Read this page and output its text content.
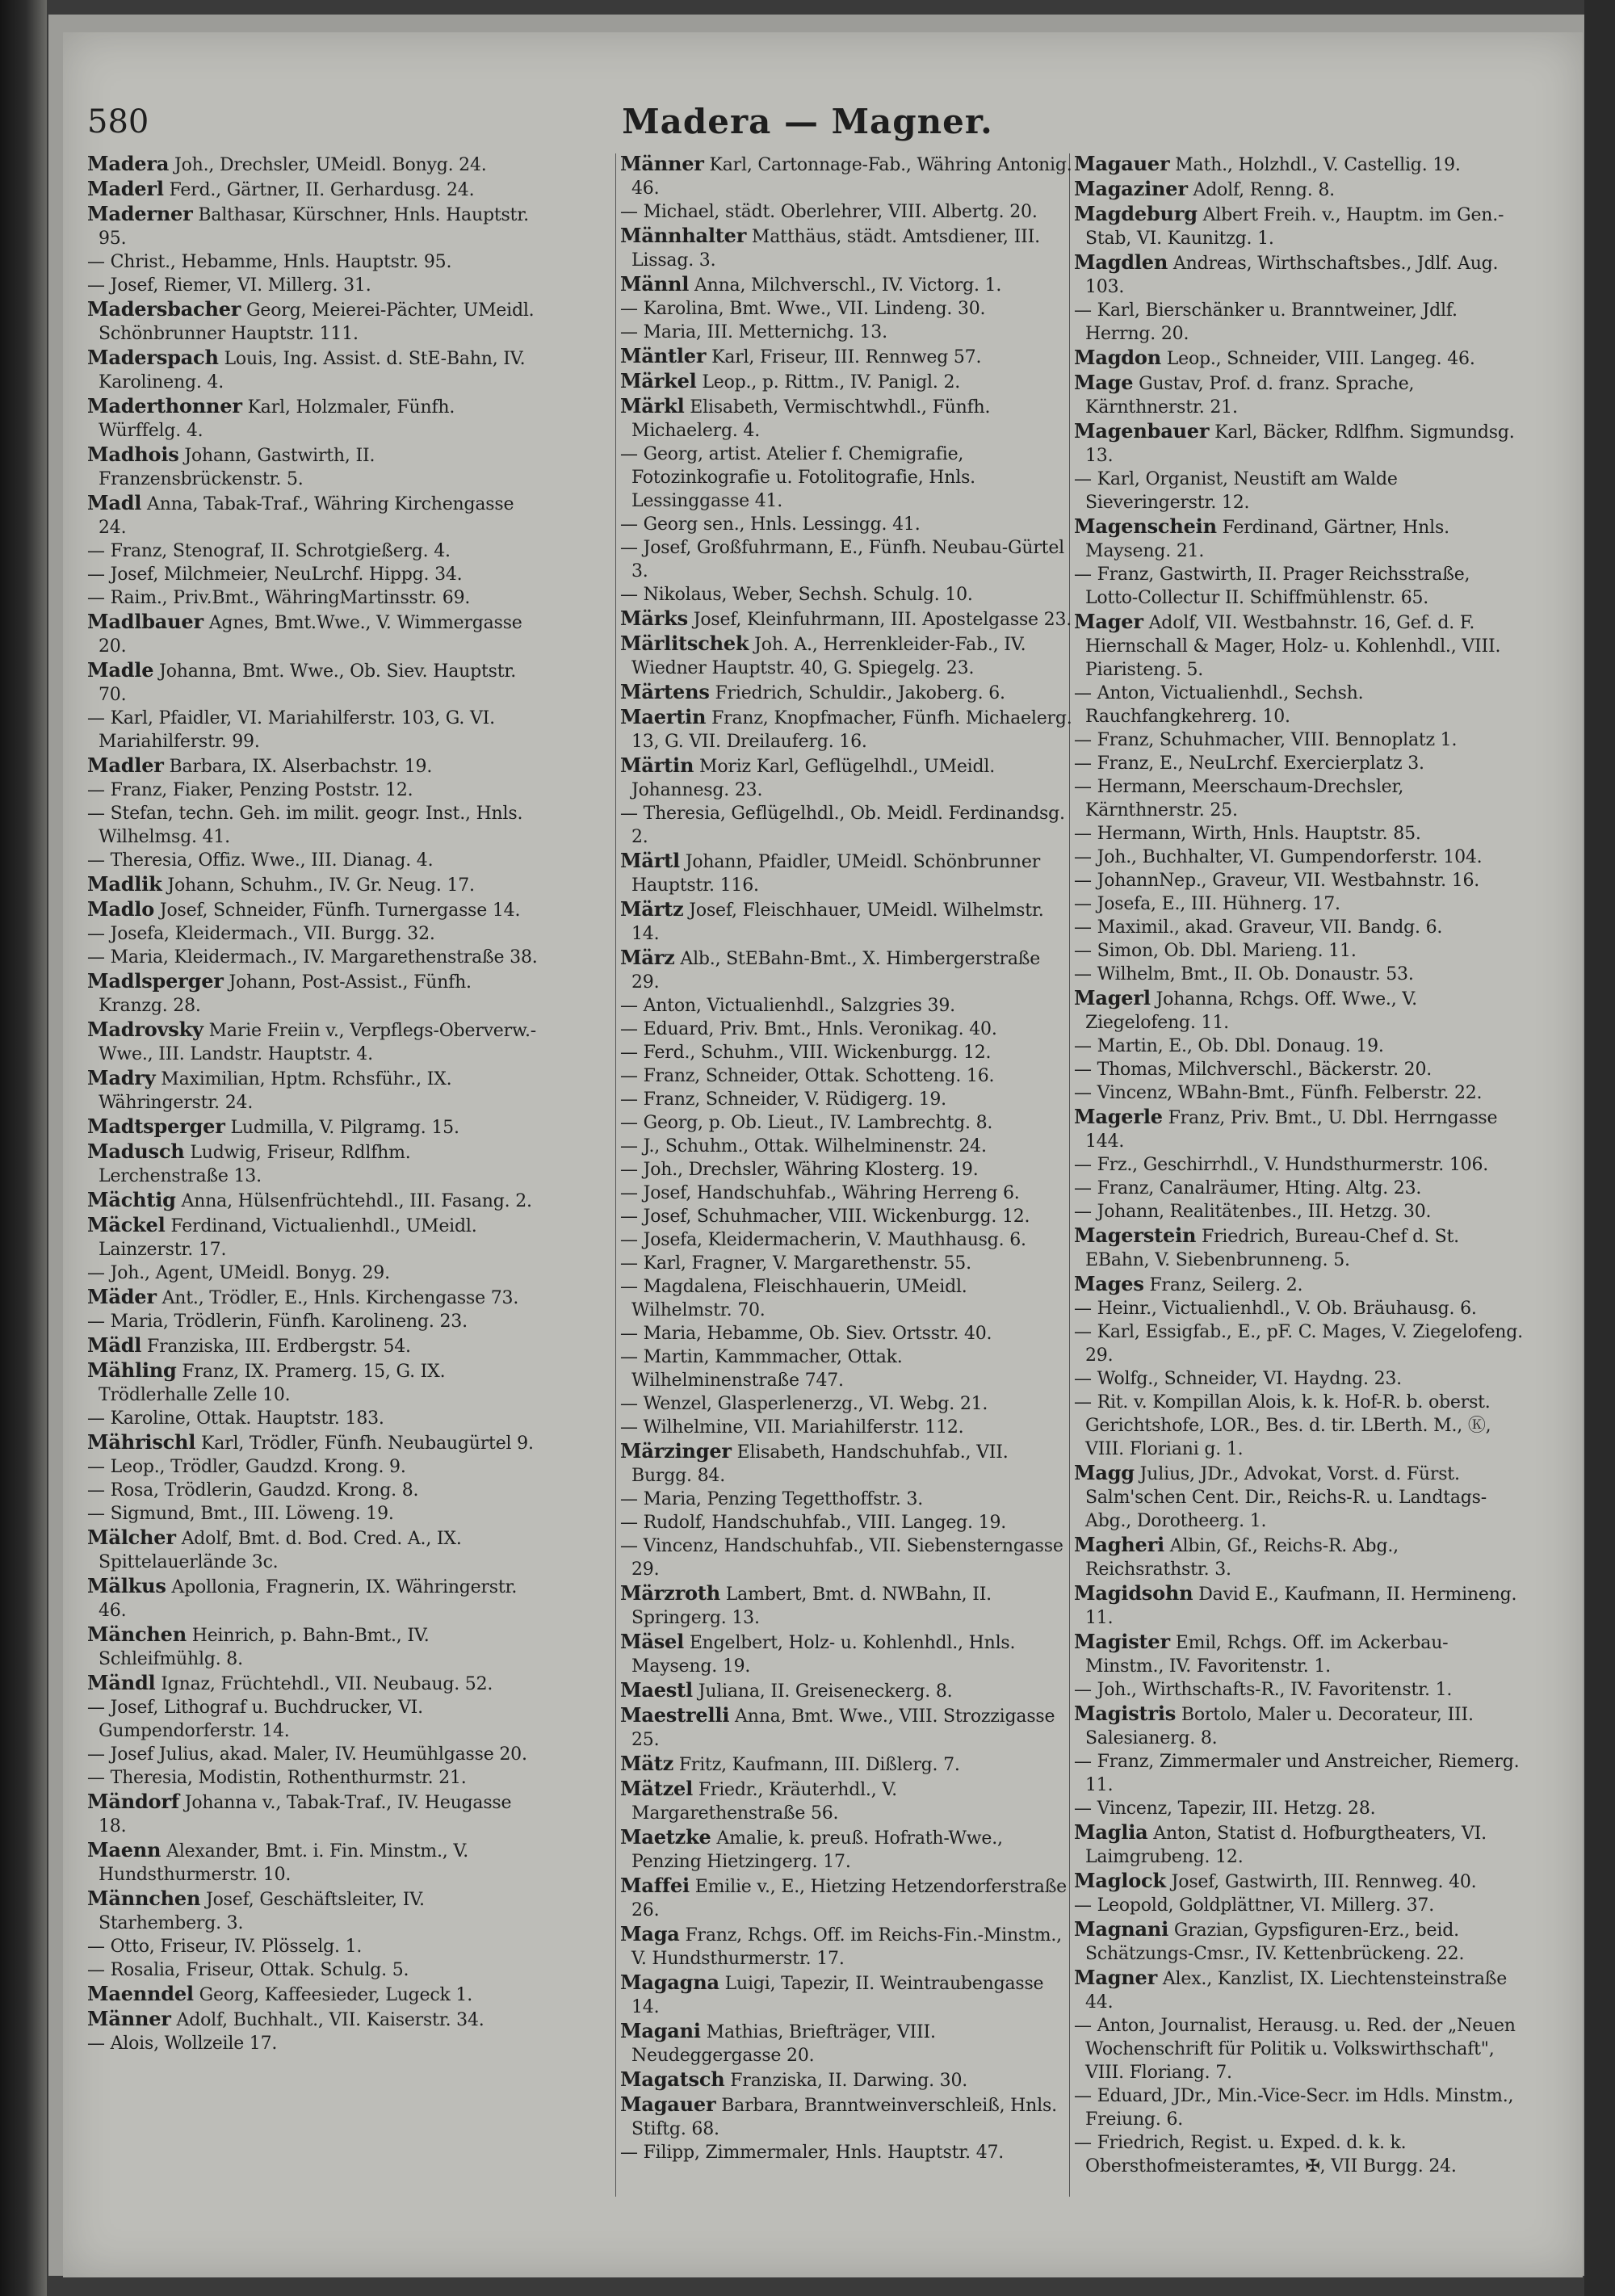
580	Madera — Magner.

Madera Joh., Drechsler, UMeidl. Bonyg. 24.

Maderl Ferd., Gärtner, II. Gerhardusg. 24.

Maderner Balthasar, Kürschner, Hnls. Hauptstr. 95.

— Christ., Hebamme, Hnls. Hauptstr. 95.

— Josef, Riemer, VI. Millerg. 31.

Madersbacher Georg, Meierei-Pächter, UMeidl. Schönbrunner Hauptstr. 111.

Maderspach Louis, Ing. Assist. d. StE-Bahn, IV. Karolineng. 4.

Maderthonner Karl, Holzmaler, Fünfh. Würffelg. 4.

Madhois Johann, Gastwirth, II. Franzensbrückenstr. 5.

Madl Anna, Tabak-Traf., Währing Kirchengasse 24.

— Franz, Stenograf, II. Schrotgießerg. 4.

— Josef, Milchmeier, NeuLrchf. Hippg. 34.

— Raim., Priv.Bmt., WähringMartinsstr. 69.

Madlbauer Agnes, Bmt.Wwe., V. Wimmergasse 20.

Madle Johanna, Bmt. Wwe., Ob. Siev. Hauptstr. 70.

— Karl, Pfaidler, VI. Mariahilferstr. 103, G. VI. Mariahilferstr. 99.

Madler Barbara, IX. Alserbachstr. 19.

— Franz, Fiaker, Penzing Poststr. 12.

— Stefan, techn. Geh. im milit. geogr. Inst., Hnls. Wilhelmsg. 41.

— Theresia, Offiz. Wwe., III. Dianag. 4.

Madlik Johann, Schuhm., IV. Gr. Neug. 17.

Madlo Josef, Schneider, Fünfh. Turnergasse 14.

— Josefa, Kleidermach., VII. Burgg. 32.

— Maria, Kleidermach., IV. Margarethenstraße 38.

Madlsperger Johann, Post-Assist., Fünfh. Kranzg. 28.

Madrovsky Marie Freiin v., Verpflegs-Oberverw.-Wwe., III. Landstr. Hauptstr. 4.

Madry Maximilian, Hptm. Rchsführ., IX. Währingerstr. 24.

Madtsperger Ludmilla, V. Pilgramg. 15.

Madusch Ludwig, Friseur, Rdlfhm. Lerchenstraße 13.

Mächtig Anna, Hülsenfrüchtehdl., III. Fasang. 2.

Mäckel Ferdinand, Victualienhdl., UMeidl. Lainzerstr. 17.

— Joh., Agent, UMeidl. Bonyg. 29.

Mäder Ant., Trödler, E., Hnls. Kirchengasse 73.

— Maria, Trödlerin, Fünfh. Karolineng. 23.

Mädl Franziska, III. Erdbergstr. 54.

Mähling Franz, IX. Pramerg. 15, G. IX. Trödlerhalle Zelle 10.

— Karoline, Ottak. Hauptstr. 183.

Mährischl Karl, Trödler, Fünfh. Neubaugürtel 9.

— Leop., Trödler, Gaudzd. Krong. 9.

— Rosa, Trödlerin, Gaudzd. Krong. 8.

— Sigmund, Bmt., III. Löweng. 19.

Mälcher Adolf, Bmt. d. Bod. Cred. A., IX. Spittelauerlände 3c.

Mälkus Apollonia, Fragnerin, IX. Währingerstr. 46.

Mänchen Heinrich, p. Bahn-Bmt., IV. Schleifmühlg. 8.

Mändl Ignaz, Früchtehdl., VII. Neubaug. 52.

— Josef, Lithograf u. Buchdrucker, VI. Gumpendorferstr. 14.

— Josef Julius, akad. Maler, IV. Heumühlgasse 20.

— Theresia, Modistin, Rothenthurmstr. 21.

Mändorf Johanna v., Tabak-Traf., IV. Heugasse 18.

Maenn Alexander, Bmt. i. Fin. Minstm., V. Hundsthurmerstr. 10.

Männchen Josef, Geschäftsleiter, IV. Starhemberg. 3.

— Otto, Friseur, IV. Plösselg. 1.

— Rosalia, Friseur, Ottak. Schulg. 5.

Maenndel Georg, Kaffeesieder, Lugeck 1.

Männer Adolf, Buchhalt., VII. Kaiserstr. 34.

— Alois, Wollzeile 17.

Männer Karl, Cartonnage-Fab., Währing Antonig. 46.

— Michael, städt. Oberlehrer, VIII. Albertg. 20.

Männhalter Matthäus, städt. Amtsdiener, III. Lissag. 3.

Männl Anna, Milchverschl., IV. Victorg. 1.

— Karolina, Bmt. Wwe., VII. Lindeng. 30.

— Maria, III. Metternichg. 13.

Mäntler Karl, Friseur, III. Rennweg 57.

Märkel Leop., p. Rittm., IV. Panigl. 2.

Märkl Elisabeth, Vermischtwhdl., Fünfh. Michaelerg. 4.

— Georg, artist. Atelier f. Chemigrafie, Fotozinkografie u. Fotolitografie, Hnls. Lessinggasse 41.

— Georg sen., Hnls. Lessingg. 41.

— Josef, Großfuhrmann, E., Fünfh. Neubau-Gürtel 3.

— Nikolaus, Weber, Sechsh. Schulg. 10.

Märks Josef, Kleinfuhrmann, III. Apostelgasse 23.

Märlitschek Joh. A., Herrenkleider-Fab., IV. Wiedner Hauptstr. 40, G. Spiegelg. 23.

Märtens Friedrich, Schuldir., Jakoberg. 6.

Maertin Franz, Knopfmacher, Fünfh. Michaelerg. 13, G. VII. Dreilauferg. 16.

Märtin Moriz Karl, Geflügelhdl., UMeidl. Johannesg. 23.

— Theresia, Geflügelhdl., Ob. Meidl. Ferdinandsg. 2.

Märtl Johann, Pfaidler, UMeidl. Schönbrunner Hauptstr. 116.

Märtz Josef, Fleischhauer, UMeidl. Wilhelmstr. 14.

März Alb., StEBahn-Bmt., X. Himbergerstraße 29.

— Anton, Victualienhdl., Salzgries 39.

— Eduard, Priv. Bmt., Hnls. Veronikag. 40.

— Ferd., Schuhm., VIII. Wickenburgg. 12.

— Franz, Schneider, Ottak. Schotteng. 16.

— Franz, Schneider, V. Rüdigerg. 19.

— Georg, p. Ob. Lieut., IV. Lambrechtg. 8.

— J., Schuhm., Ottak. Wilhelminenstr. 24.

— Joh., Drechsler, Währing Klosterg. 19.

— Josef, Handschuhfab., Währing Herreng 6.

— Josef, Schuhmacher, VIII. Wickenburgg. 12.

— Josefa, Kleidermacherin, V. Mauthhausg. 6.

— Karl, Fragner, V. Margarethenstr. 55.

— Magdalena, Fleischhauerin, UMeidl. Wilhelmstr. 70.

— Maria, Hebamme, Ob. Siev. Ortsstr. 40.

— Martin, Kammmacher, Ottak. Wilhelminenstraße 747.

— Wenzel, Glasperlenerzg., VI. Webg. 21.

— Wilhelmine, VII. Mariahilferstr. 112.

Märzinger Elisabeth, Handschuhfab., VII. Burgg. 84.

— Maria, Penzing Tegetthoffstr. 3.

— Rudolf, Handschuhfab., VIII. Langeg. 19.

— Vincenz, Handschuhfab., VII. Siebensterngasse 29.

Märzroth Lambert, Bmt. d. NWBahn, II. Springerg. 13.

Mäsel Engelbert, Holz- u. Kohlenhdl., Hnls. Mayseng. 19.

Maestl Juliana, II. Greiseneckerg. 8.

Maestrelli Anna, Bmt. Wwe., VIII. Strozzigasse 25.

Mätz Fritz, Kaufmann, III. Dißlerg. 7.

Mätzel Friedr., Kräuterhdl., V. Margarethenstraße 56.

Maetzke Amalie, k. preuß. Hofrath-Wwe., Penzing Hietzingerg. 17.

Maffei Emilie v., E., Hietzing Hetzendorferstraße 26.

Maga Franz, Rchgs. Off. im Reichs-Fin.-Minstm., V. Hundsthurmerstr. 17.

Magagna Luigi, Tapezir, II. Weintraubengasse 14.

Magani Mathias, Briefträger, VIII. Neudeggergasse 20.

Magatsch Franziska, II. Darwing. 30.

Magauer Barbara, Branntweinverschleiß, Hnls. Stiftg. 68.

— Filipp, Zimmermaler, Hnls. Hauptstr. 47.

Magauer Math., Holzhdl., V. Castellig. 19.

Magaziner Adolf, Renng. 8.

Magdeburg Albert Freih. v., Hauptm. im Gen.-Stab, VI. Kaunitzg. 1.

Magdlen Andreas, Wirthschaftsbes., Jdlf. Aug. 103.

— Karl, Bierschänker u. Branntweiner, Jdlf. Herrng. 20.

Magdon Leop., Schneider, VIII. Langeg. 46.

Mage Gustav, Prof. d. franz. Sprache, Kärnthnerstr. 21.

Magenbauer Karl, Bäcker, Rdlfhm. Sigmundsg. 13.

— Karl, Organist, Neustift am Walde Sieveringerstr. 12.

Magenschein Ferdinand, Gärtner, Hnls. Mayseng. 21.

— Franz, Gastwirth, II. Prager Reichsstraße, Lotto-Collectur II. Schiffmühlenstr. 65.

Mager Adolf, VII. Westbahnstr. 16, Gef. d. F. Hiernschall & Mager, Holz- u. Kohlenhdl., VIII. Piaristeng. 5.

— Anton, Victualienhdl., Sechsh. Rauchfangkehrerg. 10.

— Franz, Schuhmacher, VIII. Bennoplatz 1.

— Franz, E., NeuLrchf. Exercierplatz 3.

— Hermann, Meerschaum-Drechsler, Kärnthnerstr. 25.

— Hermann, Wirth, Hnls. Hauptstr. 85.

— Joh., Buchhalter, VI. Gumpendorferstr. 104.

— JohannNep., Graveur, VII. Westbahnstr. 16.

— Josefa, E., III. Hühnerg. 17.

— Maximil., akad. Graveur, VII. Bandg. 6.

— Simon, Ob. Dbl. Marieng. 11.

— Wilhelm, Bmt., II. Ob. Donaustr. 53.

Magerl Johanna, Rchgs. Off. Wwe., V. Ziegelofeng. 11.

— Martin, E., Ob. Dbl. Donaug. 19.

— Thomas, Milchverschl., Bäckerstr. 20.

— Vincenz, WBahn-Bmt., Fünfh. Felberstr. 22.

Magerle Franz, Priv. Bmt., U. Dbl. Herrngasse 144.

— Frz., Geschirrhdl., V. Hundsthurmerstr. 106.

— Franz, Canalräumer, Hting. Altg. 23.

— Johann, Realitätenbes., III. Hetzg. 30.

Magerstein Friedrich, Bureau-Chef d. St. EBahn, V. Siebenbrunneng. 5.

Mages Franz, Seilerg. 2.

— Heinr., Victualienhdl., V. Ob. Bräuhausg. 6.

— Karl, Essigfab., E., pF. C. Mages, V. Ziegelofeng. 29.

— Wolfg., Schneider, VI. Haydng. 23.

— Rit. v. Kompillan Alois, k. k. Hof-R. b. oberst. Gerichtshofe, LOR., Bes. d. tir. LBerth. M., Ⓚ, VIII. Floriani g. 1.

Magg Julius, JDr., Advokat, Vorst. d. Fürst. Salm'schen Cent. Dir., Reichs-R. u. Landtags-Abg., Dorotheerg. 1.

Magheri Albin, Gf., Reichs-R. Abg., Reichsrathstr. 3.

Magidsohn David E., Kaufmann, II. Hermineng. 11.

Magister Emil, Rchgs. Off. im Ackerbau-Minstm., IV. Favoritenstr. 1.

— Joh., Wirthschafts-R., IV. Favoritenstr. 1.

Magistris Bortolo, Maler u. Decorateur, III. Salesianerg. 8.

— Franz, Zimmermaler und Anstreicher, Riemerg. 11.

— Vincenz, Tapezir, III. Hetzg. 28.

Maglia Anton, Statist d. Hofburgtheaters, VI. Laimgrubeng. 12.

Maglock Josef, Gastwirth, III. Rennweg. 40.

— Leopold, Goldplättner, VI. Millerg. 37.

Magnani Grazian, Gypsfiguren-Erz., beid. Schätzungs-Cmsr., IV. Kettenbrückeng. 22.

Magner Alex., Kanzlist, IX. Liechtensteinstraße 44.

— Anton, Journalist, Herausg. u. Red. der „Neuen Wochenschrift für Politik u. Volkswirthschaft", VIII. Floriang. 7.

— Eduard, JDr., Min.-Vice-Secr. im Hdls. Minstm., Freiung. 6.

— Friedrich, Regist. u. Exped. d. k. k. Obersthofmeisteramtes, ✠, VII Burgg. 24.
